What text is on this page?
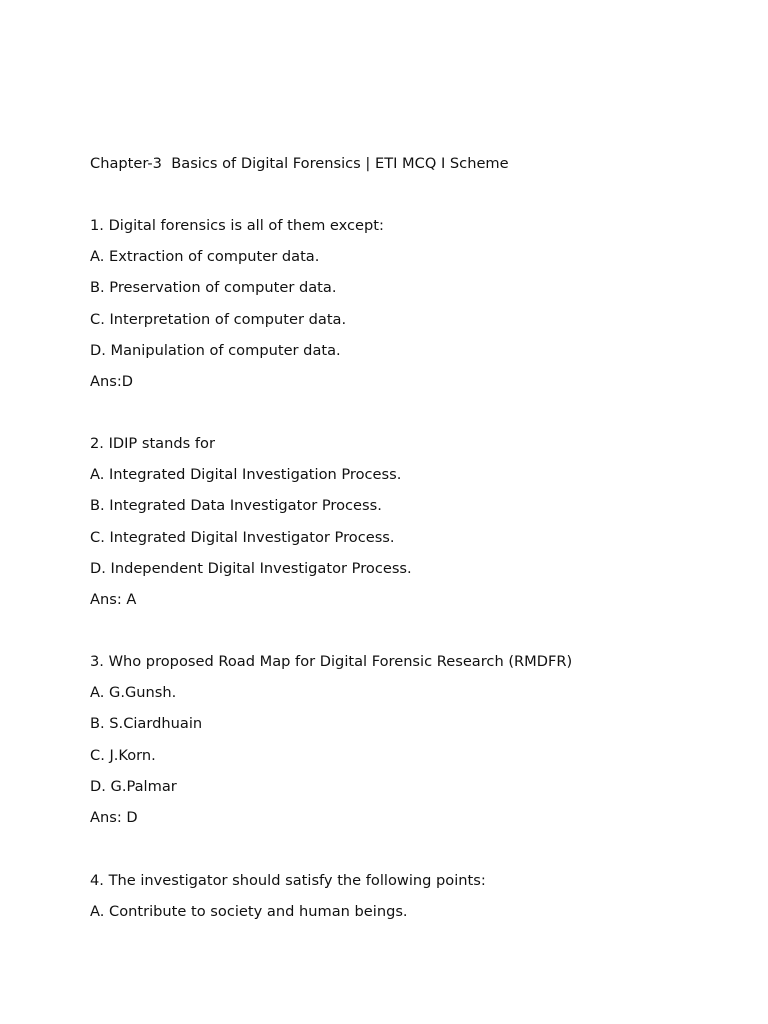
Chapter-3  Basics of Digital Forensics | ETI MCQ I Scheme
1. Digital forensics is all of them except:
A. Extraction of computer data.
B. Preservation of computer data.
C. Interpretation of computer data.
D. Manipulation of computer data.
Ans:D
2. IDIP stands for
A. Integrated Digital Investigation Process.
B. Integrated Data Investigator Process.
C. Integrated Digital Investigator Process.
D. Independent Digital Investigator Process.
Ans: A
3. Who proposed Road Map for Digital Forensic Research (RMDFR)
A. G.Gunsh.
B. S.Ciardhuain
C. J.Korn.
D. G.Palmar
Ans: D
4. The investigator should satisfy the following points:
A. Contribute to society and human beings.
